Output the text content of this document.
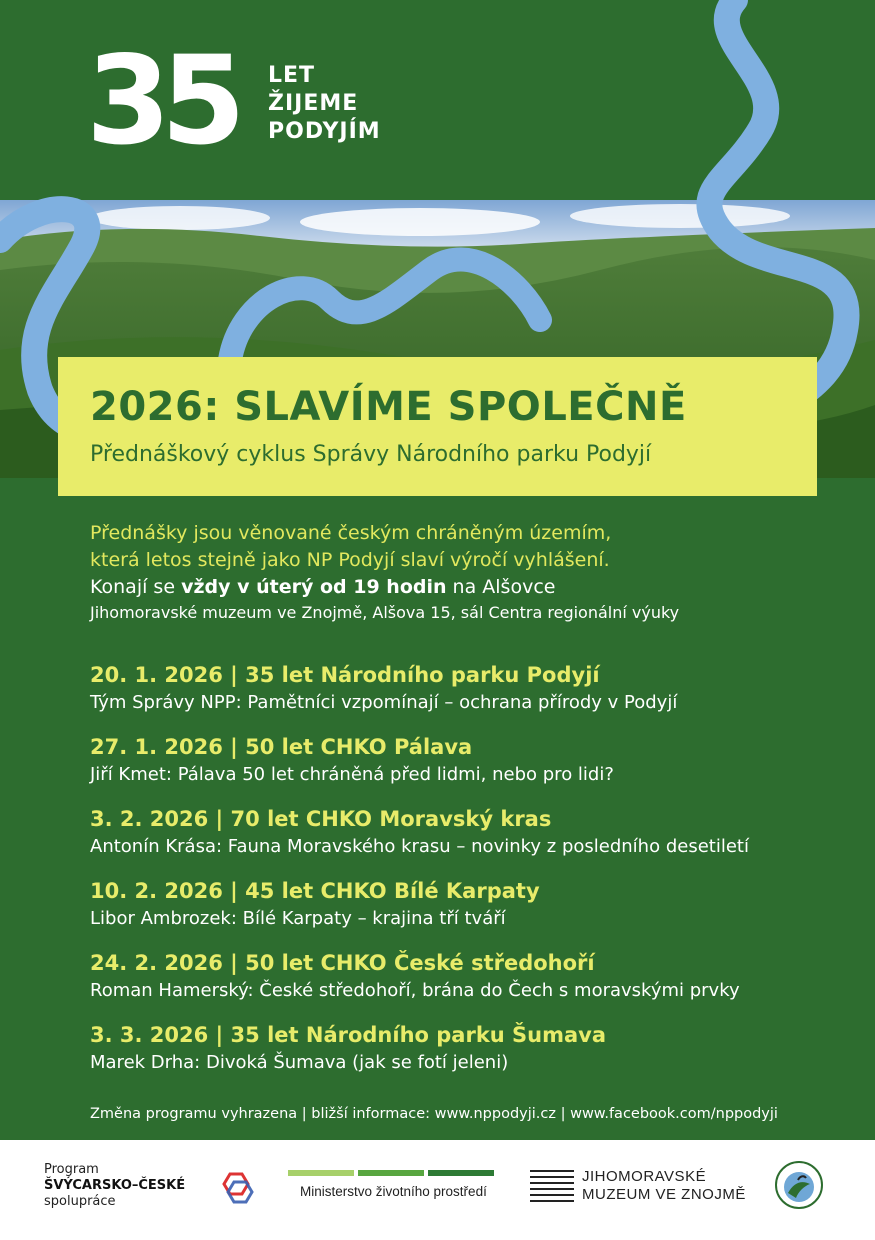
35 LET
ŽIJEME
PODYJÍM
2026: SLAVÍME SPOLEČNĚ
Přednáškový cyklus Správy Národního parku Podyjí
Přednášky jsou věnované českým chráněným územím,
která letos stejně jako NP Podyjí slaví výročí vyhlášení.
Konají se vždy v úterý od 19 hodin na Alšovce
Jihomoravské muzeum ve Znojmě, Alšova 15, sál Centra regionální výuky
20. 1. 2026 | 35 let Národního parku Podyjí
Tým Správy NPP: Pamětníci vzpomínají – ochrana přírody v Podyjí
27. 1. 2026 | 50 let CHKO Pálava
Jiří Kmet: Pálava 50 let chráněná před lidmi, nebo pro lidi?
3. 2. 2026 | 70 let CHKO Moravský kras
Antonín Krása: Fauna Moravského krasu – novinky z posledního desetiletí
10. 2. 2026 | 45 let CHKO Bílé Karpaty
Libor Ambrozek: Bílé Karpaty – krajina tří tváří
24. 2. 2026 | 50 let CHKO České středohoří
Roman Hamerský: České středohoří, brána do Čech s moravskými prvky
3. 3. 2026 | 35 let Národního parku Šumava
Marek Drha: Divoká Šumava (jak se fotí jeleni)
Změna programu vyhrazena | bližší informace: www.nppodyji.cz | www.facebook.com/nppodyji
Program
ŠVÝCARSKO–ČESKÉ
spolupráce
Ministerstvo životního prostředí
JIHOMORAVSKÉ
MUZEUM VE ZNOJMĚ
